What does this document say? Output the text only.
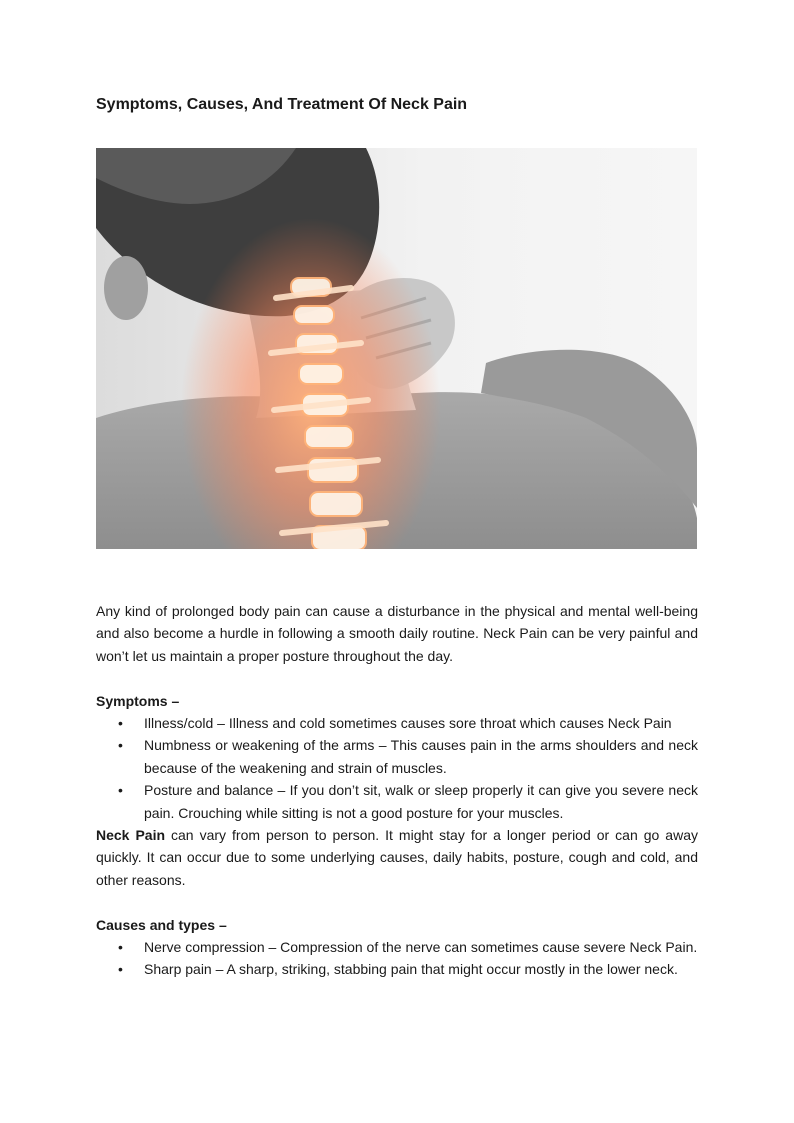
Symptoms, Causes, And Treatment Of Neck Pain

Any kind of prolonged body pain can cause a disturbance in the physical and mental well-being and also become a hurdle in following a smooth daily routine. Neck Pain can be very painful and won’t let us maintain a proper posture throughout the day.

Symptoms –
• Illness/cold – Illness and cold sometimes causes sore throat which causes Neck Pain
• Numbness or weakening of the arms – This causes pain in the arms shoulders and neck because of the weakening and strain of muscles.
• Posture and balance – If you don’t sit, walk or sleep properly it can give you severe neck pain. Crouching while sitting is not a good posture for your muscles.

Neck Pain can vary from person to person. It might stay for a longer period or can go away quickly. It can occur due to some underlying causes, daily habits, posture, cough and cold, and other reasons.

Causes and types –
• Nerve compression – Compression of the nerve can sometimes cause severe Neck Pain.
• Sharp pain – A sharp, striking, stabbing pain that might occur mostly in the lower neck.
